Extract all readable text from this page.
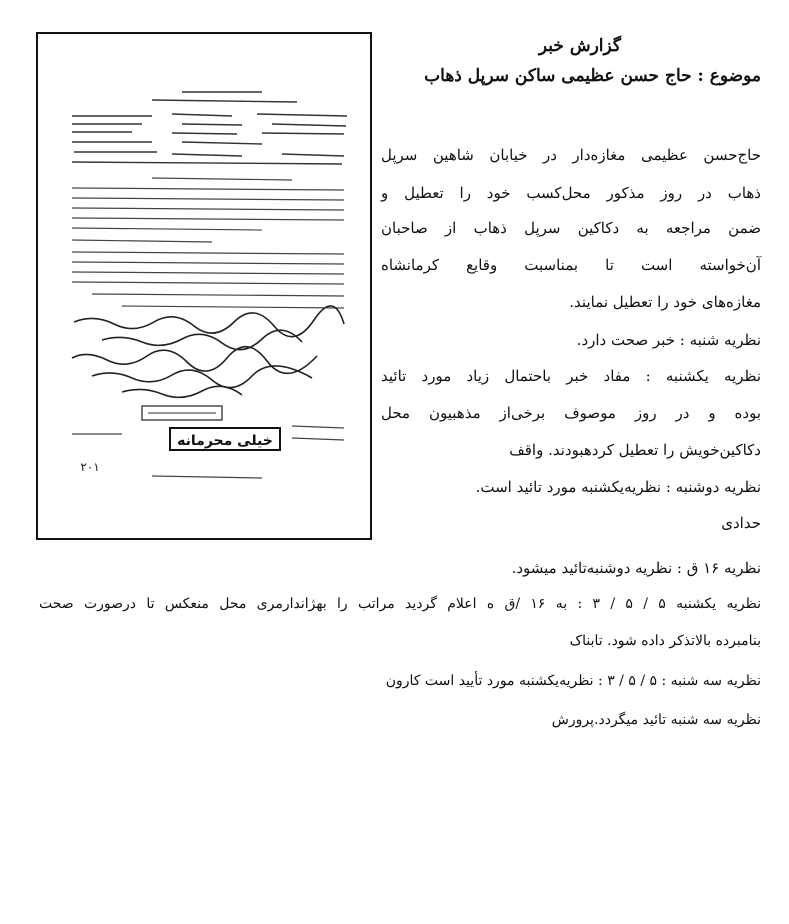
خیلی محرمانه
۲۰۱
گزارش خبر
موضوع : حاج حسن عظیمی ساکن سرپل ذهاب
حاج‌حسن عظیمی مغازه‌دار در خیابان شاهین سرپل
ذهاب در روز مذکور محل‌کسب خود را تعطیل و
ضمن مراجعه به دکاکین سرپل ذهاب از صاحبان
آن‌خواسته است تا بمناسبت وقایع کرمانشاه
مغازه‌های خود را تعطیل نمایند.
نظریه شنبه : خبر صحت دارد.
نظریه یکشنبه : مفاد خبر باحتمال زیاد مورد تائید
بوده و در روز موصوف برخی‌از مذهبیون محل
دکاکین‌خویش را تعطیل کردهبودند. واقف
نظریه دوشنبه : نظریه‌یکشنبه مورد تائید است.
حدادی
نظریه ۱۶ ق : نظریه دوشنبه‌تائید میشود.
نظریه یکشنبه ۵ / ۵ / ۳ : به ۱۶ /ق ه اعلام گردید مراتب را بهژاندارمری محل منعکس تا درصورت صحت
بنامبرده بالاتذکر داده شود. تابناک
نظریه سه شنبه : ۵ / ۵ / ۳ : نظریه‌یکشنبه مورد تأیید است کارون
نظریه سه شنبه تائید میگردد.پرورش
